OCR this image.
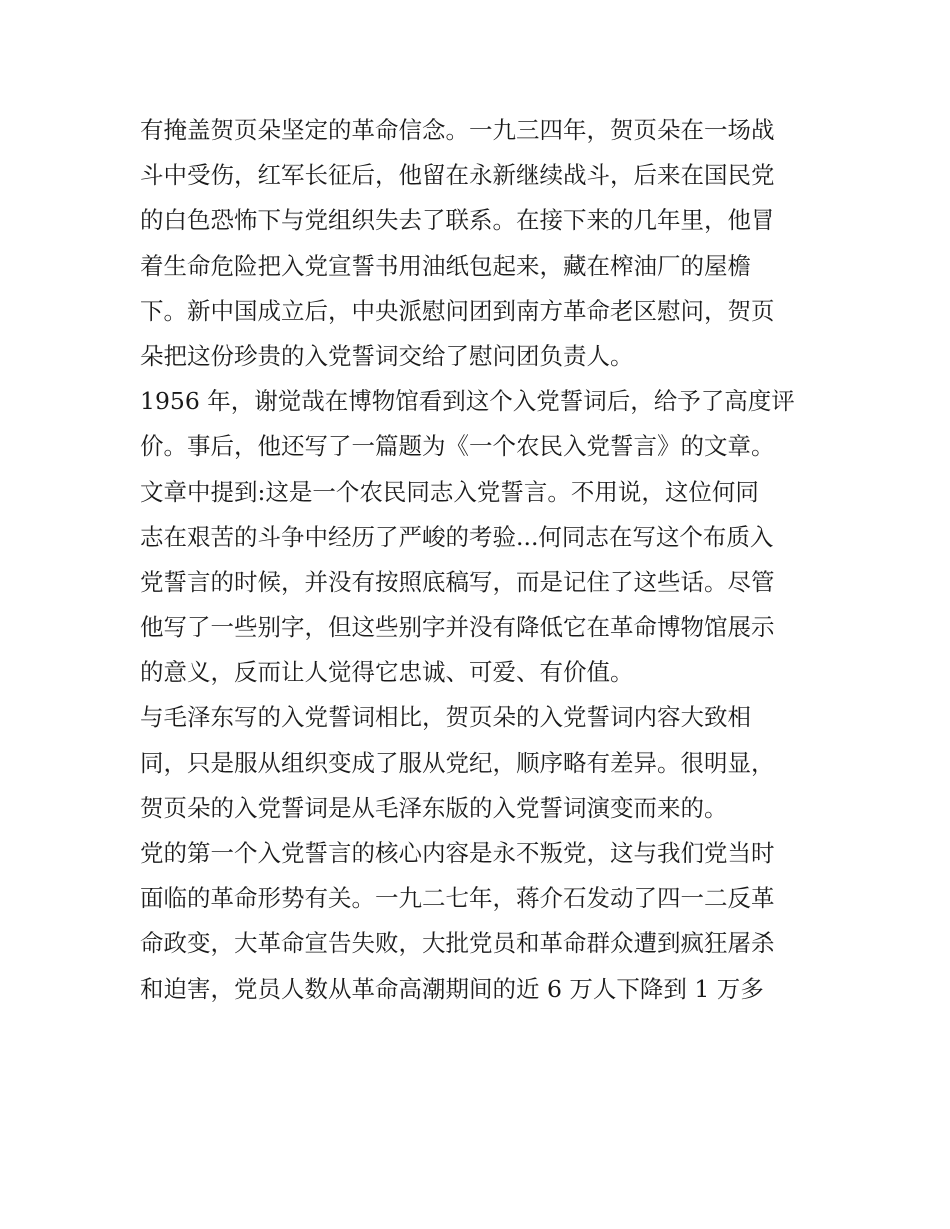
有掩盖贺页朵坚定的革命信念。一九三四年，贺页朵在一场战
斗中受伤，红军长征后，他留在永新继续战斗，后来在国民党
的白色恐怖下与党组织失去了联系。在接下来的几年里，他冒
着生命危险把入党宣誓书用油纸包起来，藏在榨油厂的屋檐
下。新中国成立后，中央派慰问团到南方革命老区慰问，贺页
朵把这份珍贵的入党誓词交给了慰问团负责人。
1956 年，谢觉哉在博物馆看到这个入党誓词后，给予了高度评
价。事后，他还写了一篇题为《一个农民入党誓言》的文章。
文章中提到:这是一个农民同志入党誓言。不用说，这位何同
志在艰苦的斗争中经历了严峻的考验...何同志在写这个布质入
党誓言的时候，并没有按照底稿写，而是记住了这些话。尽管
他写了一些别字，但这些别字并没有降低它在革命博物馆展示
的意义，反而让人觉得它忠诚、可爱、有价值。
与毛泽东写的入党誓词相比，贺页朵的入党誓词内容大致相
同，只是服从组织变成了服从党纪，顺序略有差异。很明显，
贺页朵的入党誓词是从毛泽东版的入党誓词演变而来的。
党的第一个入党誓言的核心内容是永不叛党，这与我们党当时
面临的革命形势有关。一九二七年，蒋介石发动了四一二反革
命政变，大革命宣告失败，大批党员和革命群众遭到疯狂屠杀
和迫害，党员人数从革命高潮期间的近 6 万人下降到 1 万多
